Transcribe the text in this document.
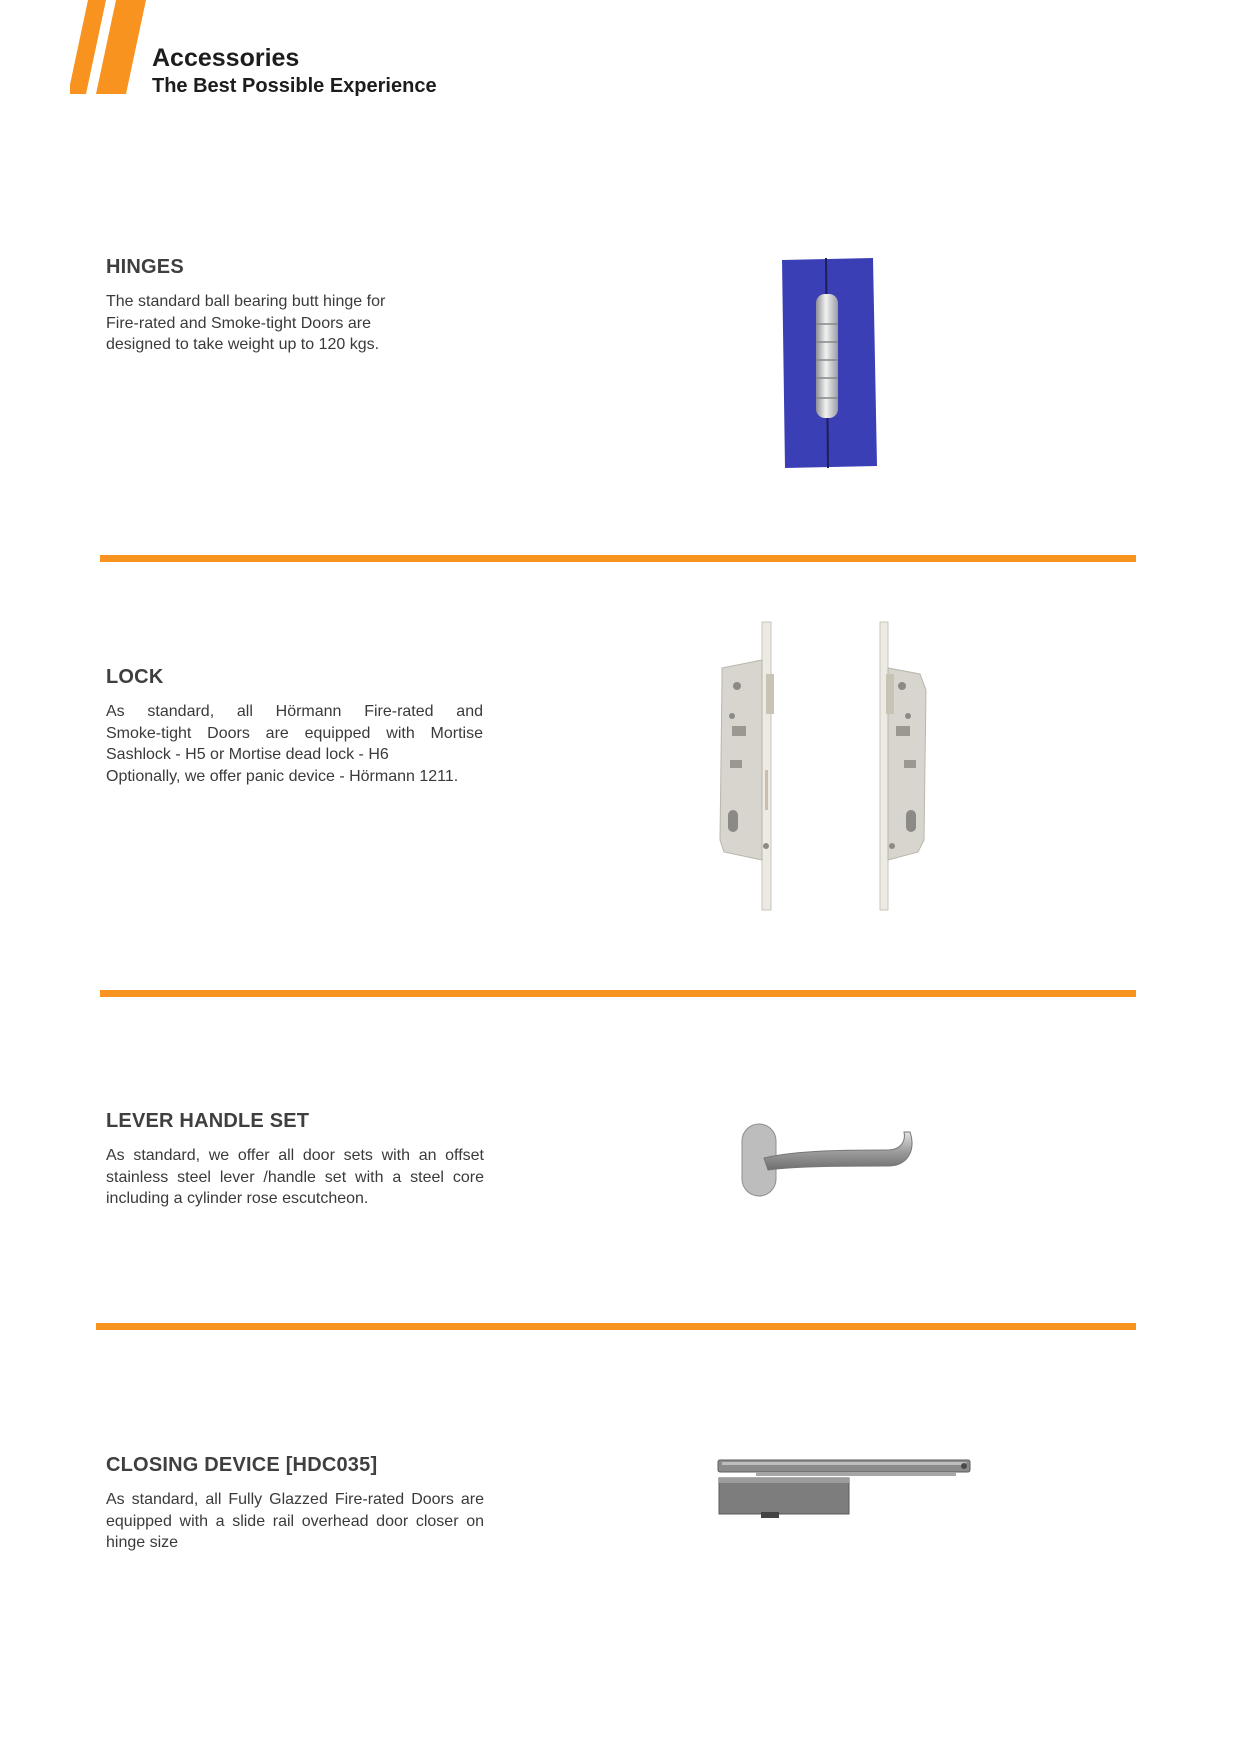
Accessories
The Best Possible Experience
HINGES

The standard ball bearing butt hinge for
Fire-rated and Smoke-tight Doors are
designed to take weight up to 120 kgs.

LOCK

As standard, all Hörmann Fire-rated and
Smoke-tight Doors are equipped with Mortise
Sashlock - H5 or Mortise dead lock - H6
Optionally, we offer panic device - Hörmann 1211.

LEVER HANDLE SET

As standard, we offer all door sets with an offset
stainless steel lever /handle set with a steel core
including a cylinder rose escutcheon.

CLOSING DEVICE [HDC035]

As standard, all Fully Glazzed Fire-rated Doors are
equipped with a slide rail overhead door closer on
hinge size
